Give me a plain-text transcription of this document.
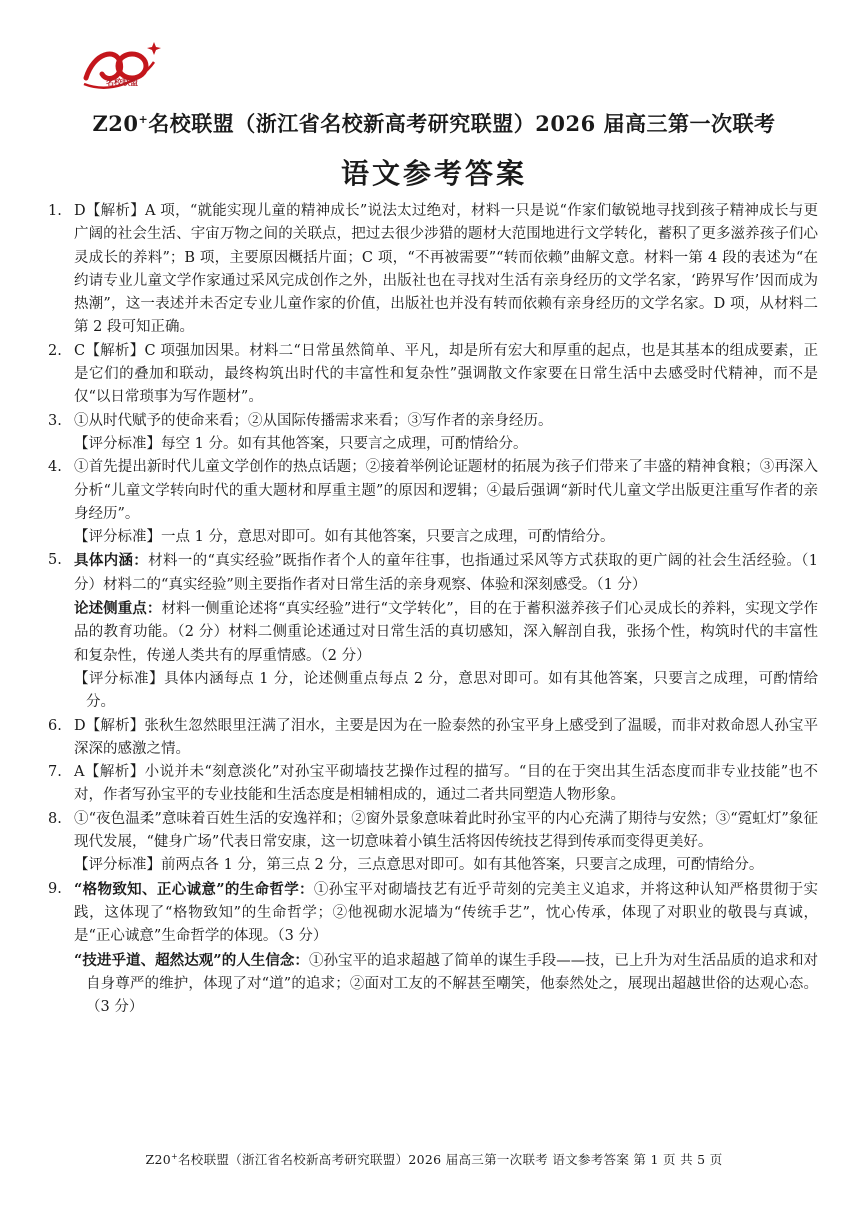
名校联盟
Z20+名校联盟（浙江省名校新高考研究联盟）2026 届高三第一次联考
语文参考答案
1. D【解析】A 项，“就能实现儿童的精神成长”说法太过绝对，材料一只是说“作家们敏锐地寻找到孩子精神成长与更广阔的社会生活、宇宙万物之间的关联点，把过去很少涉猎的题材大范围地进行文学转化，蓄积了更多滋养孩子们心灵成长的养料”；B 项，主要原因概括片面；C 项，“不再被需要”“转而依赖”曲解文意。材料一第 4 段的表述为“在约请专业儿童文学作家通过采风完成创作之外，出版社也在寻找对生活有亲身经历的文学名家，‘跨界写作’因而成为热潮”，这一表述并未否定专业儿童作家的价值，出版社也并没有转而依赖有亲身经历的文学名家。D 项，从材料二第 2 段可知正确。
2. C【解析】C 项强加因果。材料二“日常虽然简单、平凡，却是所有宏大和厚重的起点，也是其基本的组成要素，正是它们的叠加和联动，最终构筑出时代的丰富性和复杂性”强调散文作家要在日常生活中去感受时代精神，而不是仅“以日常琐事为写作题材”。
3. ①从时代赋予的使命来看；②从国际传播需求来看；③写作者的亲身经历。
【评分标准】每空 1 分。如有其他答案，只要言之成理，可酌情给分。
4. ①首先提出新时代儿童文学创作的热点话题；②接着举例论证题材的拓展为孩子们带来了丰盛的精神食粮；③再深入分析“儿童文学转向时代的重大题材和厚重主题”的原因和逻辑；④最后强调“新时代儿童文学出版更注重写作者的亲身经历”。
【评分标准】一点 1 分，意思对即可。如有其他答案，只要言之成理，可酌情给分。
5. 具体内涵：材料一的“真实经验”既指作者个人的童年往事，也指通过采风等方式获取的更广阔的社会生活经验。（1 分）材料二的“真实经验”则主要指作者对日常生活的亲身观察、体验和深刻感受。（1 分）
论述侧重点：材料一侧重论述将“真实经验”进行“文学转化”，目的在于蓄积滋养孩子们心灵成长的养料，实现文学作品的教育功能。（2 分）材料二侧重论述通过对日常生活的真切感知，深入解剖自我，张扬个性，构筑时代的丰富性和复杂性，传递人类共有的厚重情感。（2 分）
【评分标准】具体内涵每点 1 分，论述侧重点每点 2 分，意思对即可。如有其他答案，只要言之成理，可酌情给分。
6. D【解析】张秋生忽然眼里汪满了泪水，主要是因为在一脸泰然的孙宝平身上感受到了温暖，而非对救命恩人孙宝平深深的感激之情。
7. A【解析】小说并未“刻意淡化”对孙宝平砌墙技艺操作过程的描写。“目的在于突出其生活态度而非专业技能”也不对，作者写孙宝平的专业技能和生活态度是相辅相成的，通过二者共同塑造人物形象。
8. ①“夜色温柔”意味着百姓生活的安逸祥和；②窗外景象意味着此时孙宝平的内心充满了期待与安然；③“霓虹灯”象征现代发展，“健身广场”代表日常安康，这一切意味着小镇生活将因传统技艺得到传承而变得更美好。
【评分标准】前两点各 1 分，第三点 2 分，三点意思对即可。如有其他答案，只要言之成理，可酌情给分。
9. “格物致知、正心诚意”的生命哲学：①孙宝平对砌墙技艺有近乎苛刻的完美主义追求，并将这种认知严格贯彻于实践，这体现了“格物致知”的生命哲学；②他视砌水泥墙为“传统手艺”，忱心传承，体现了对职业的敬畏与真诚，是“正心诚意”生命哲学的体现。（3 分）
“技进乎道、超然达观”的人生信念：①孙宝平的追求超越了简单的谋生手段——技，已上升为对生活品质的追求和对自身尊严的维护，体现了对“道”的追求；②面对工友的不解甚至嘲笑，他泰然处之，展现出超越世俗的达观心态。（3 分）
Z20+名校联盟（浙江省名校新高考研究联盟）2026 届高三第一次联考 语文参考答案 第 1 页 共 5 页
